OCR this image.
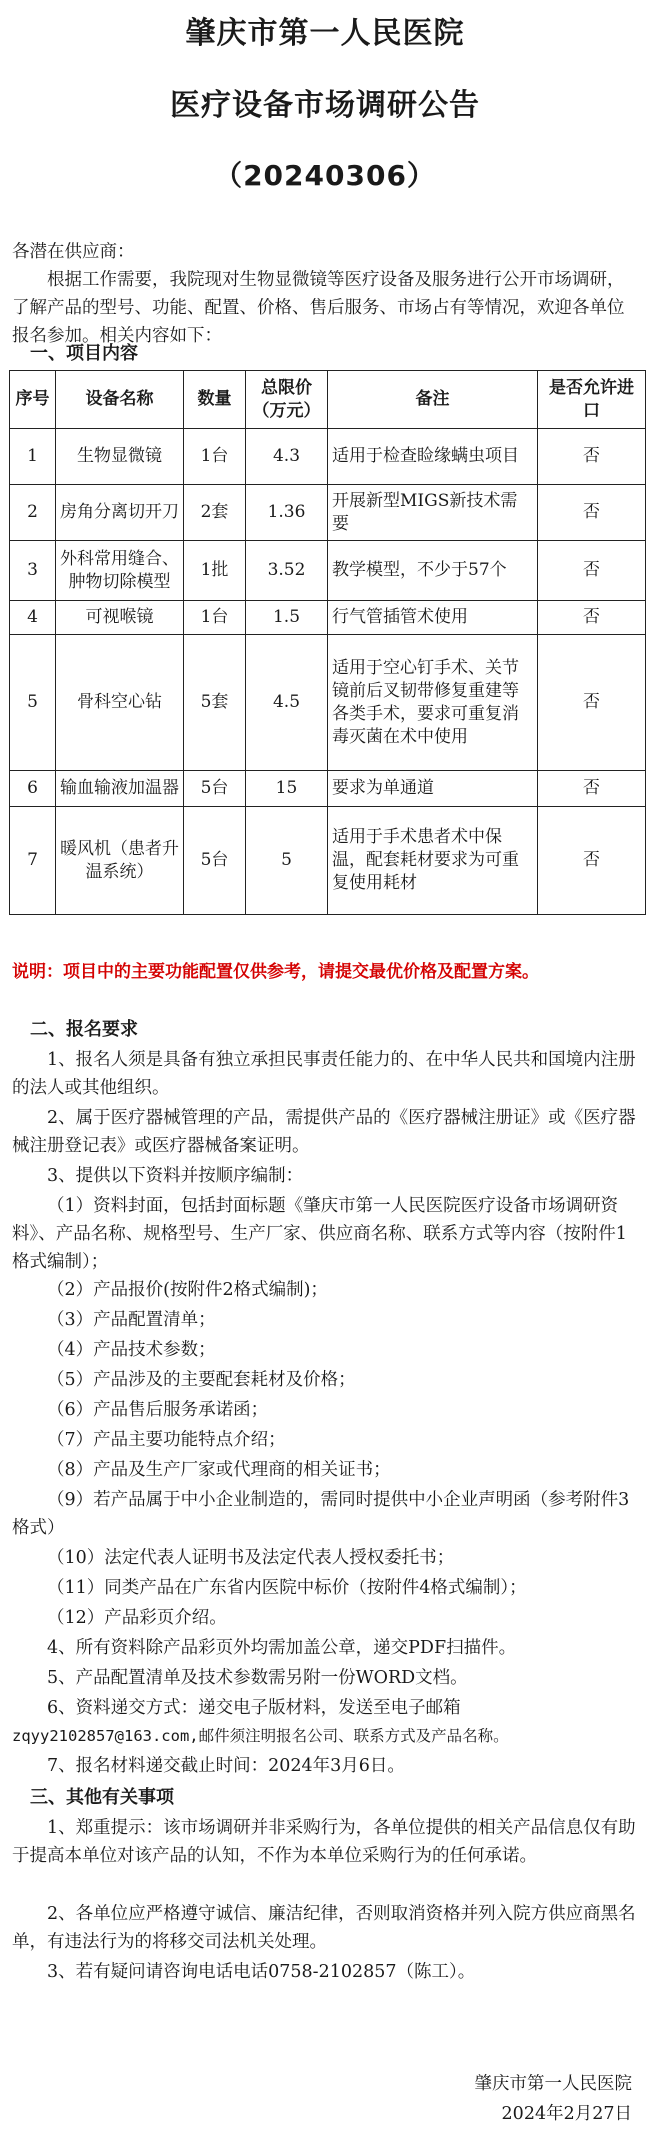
肇庆市第一人民医院
医疗设备市场调研公告
（20240306）
各潜在供应商：
根据工作需要，我院现对生物显微镜等医疗设备及服务进行公开市场调研，了解产品的型号、功能、配置、价格、售后服务、市场占有等情况，欢迎各单位报名参加。相关内容如下：
一、项目内容
序号	设备名称	数量	总限价（万元）	备注	是否允许进口
1	生物显微镜	1台	4.3	适用于检查睑缘螨虫项目	否
2	房角分离切开刀	2套	1.36	开展新型MIGS新技术需要	否
3	外科常用缝合、肿物切除模型	1批	3.52	教学模型，不少于57个	否
4	可视喉镜	1台	1.5	行气管插管术使用	否
5	骨科空心钻	5套	4.5	适用于空心钉手术、关节镜前后叉韧带修复重建等各类手术，要求可重复消毒灭菌在术中使用	否
6	输血输液加温器	5台	15	要求为单通道	否
7	暖风机（患者升温系统）	5台	5	适用于手术患者术中保温，配套耗材要求为可重复使用耗材	否
说明：项目中的主要功能配置仅供参考，请提交最优价格及配置方案。
二、报名要求
1、报名人须是具备有独立承担民事责任能力的、在中华人民共和国境内注册的法人或其他组织。
2、属于医疗器械管理的产品，需提供产品的《医疗器械注册证》或《医疗器械注册登记表》或医疗器械备案证明。
3、提供以下资料并按顺序编制：
（1）资料封面，包括封面标题《肇庆市第一人民医院医疗设备市场调研资料》、产品名称、规格型号、生产厂家、供应商名称、联系方式等内容（按附件1格式编制）；
（2）产品报价(按附件2格式编制)；
（3）产品配置清单；
（4）产品技术参数；
（5）产品涉及的主要配套耗材及价格；
（6）产品售后服务承诺函；
（7）产品主要功能特点介绍；
（8）产品及生产厂家或代理商的相关证书；
（9）若产品属于中小企业制造的，需同时提供中小企业声明函（参考附件3格式）
（10）法定代表人证明书及法定代表人授权委托书；
（11）同类产品在广东省内医院中标价（按附件4格式编制）；
（12）产品彩页介绍。
4、所有资料除产品彩页外均需加盖公章，递交PDF扫描件。
5、产品配置清单及技术参数需另附一份WORD文档。
6、资料递交方式：递交电子版材料，发送至电子邮箱
zqyy2102857@163.com,邮件须注明报名公司、联系方式及产品名称。
7、报名材料递交截止时间：2024年3月6日。
三、其他有关事项
1、郑重提示：该市场调研并非采购行为，各单位提供的相关产品信息仅有助于提高本单位对该产品的认知，不作为本单位采购行为的任何承诺。
2、各单位应严格遵守诚信、廉洁纪律，否则取消资格并列入院方供应商黑名单，有违法行为的将移交司法机关处理。
3、若有疑问请咨询电话电话0758-2102857（陈工）。
肇庆市第一人民医院
2024年2月27日
